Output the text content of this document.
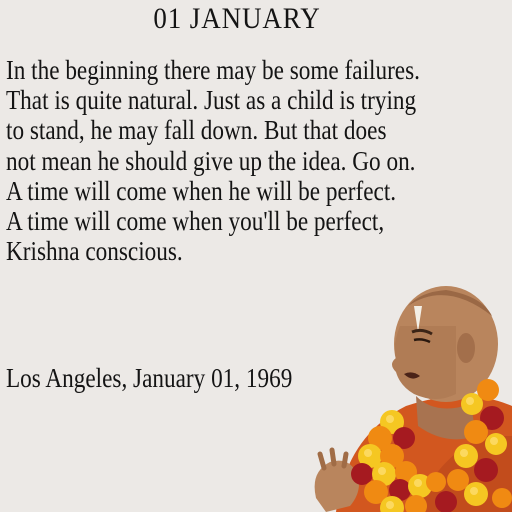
01 JANUARY
In the beginning there may be some failures.
That is quite natural. Just as a child is trying
to stand, he may fall down. But that does
not mean he should give up the idea. Go on.
A time will come when he will be perfect.
A time will come when you'll be perfect,
Krishna conscious.
Los Angeles, January 01, 1969
